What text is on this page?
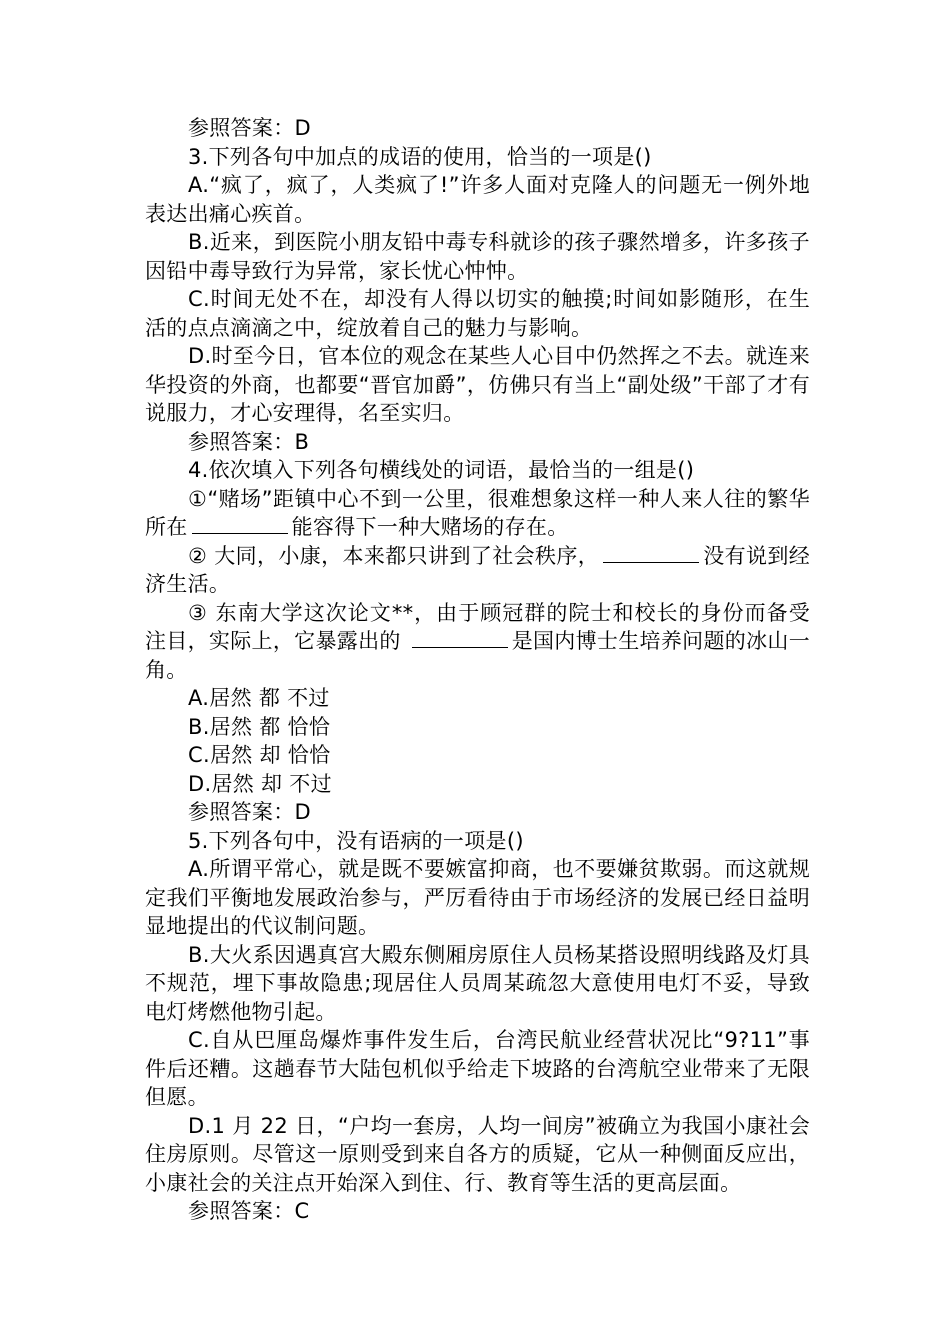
参照答案：D

3.下列各句中加点的成语的使用，恰当的一项是()

A.“疯了，疯了，人类疯了!”许多人面对克隆人的问题无一例外地表达出痛心疾首。

B.近来，到医院小朋友铅中毒专科就诊的孩子骤然增多，许多孩子因铅中毒导致行为异常，家长忧心忡忡。

C.时间无处不在，却没有人得以切实的触摸;时间如影随形，在生活的点点滴滴之中，绽放着自己的魅力与影响。

D.时至今日，官本位的观念在某些人心目中仍然挥之不去。就连来华投资的外商，也都要“晋官加爵”，仿佛只有当上“副处级”干部了才有说服力，才心安理得，名至实归。

参照答案：B

4.依次填入下列各句横线处的词语，最恰当的一组是()

①“赌场”距镇中心不到一公里，很难想象这样一种人来人往的繁华所在	能容得下一种大赌场的存在。

② 大同，小康，本来都只讲到了社会秩序，	没有说到经济生活。

③ 东南大学这次论文**，由于顾冠群的院士和校长的身份而备受注目，实际上，它暴露出的	是国内博士生培养问题的冰山一角。

A.居然 都 不过

B.居然 都 恰恰

C.居然 却 恰恰

D.居然 却 不过

参照答案：D

5.下列各句中，没有语病的一项是()

A.所谓平常心，就是既不要嫉富抑商，也不要嫌贫欺弱。而这就规定我们平衡地发展政治参与，严厉看待由于市场经济的发展已经日益明显地提出的代议制问题。

B.大火系因遇真宫大殿东侧厢房原住人员杨某搭设照明线路及灯具不规范，埋下事故隐患;现居住人员周某疏忽大意使用电灯不妥，导致电灯烤燃他物引起。

C.自从巴厘岛爆炸事件发生后，台湾民航业经营状况比“9?11”事件后还糟。这趟春节大陆包机似乎给走下坡路的台湾航空业带来了无限但愿。

D.1 月 22 日，“户均一套房，人均一间房”被确立为我国小康社会住房原则。尽管这一原则受到来自各方的质疑，它从一种侧面反应出，小康社会的关注点开始深入到住、行、教育等生活的更高层面。

参照答案：C
